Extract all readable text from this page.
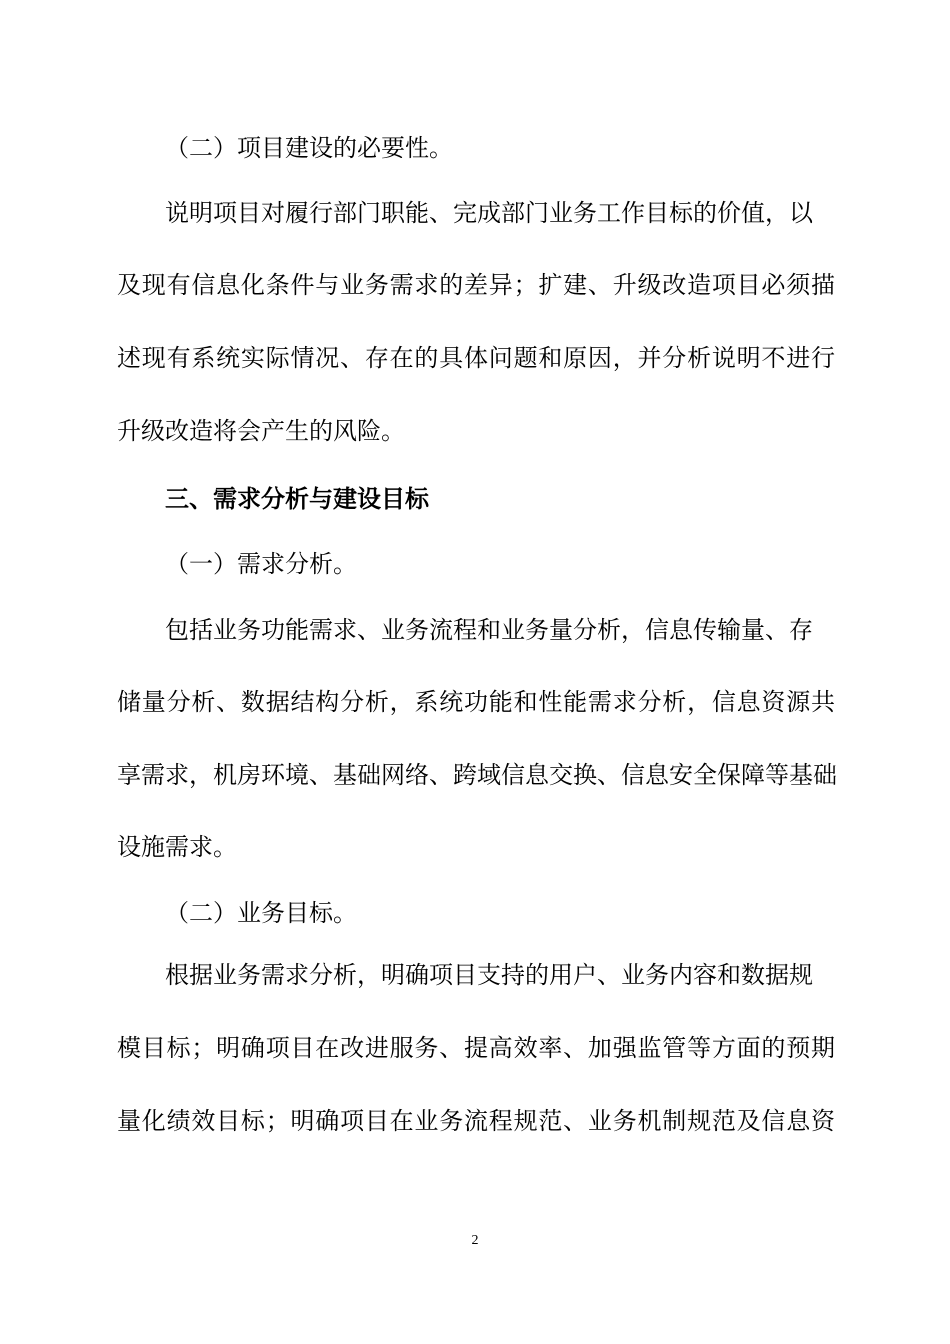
（二）项目建设的必要性。
说明项目对履行部门职能、完成部门业务工作目标的价值，以
及现有信息化条件与业务需求的差异；扩建、升级改造项目必须描
述现有系统实际情况、存在的具体问题和原因，并分析说明不进行
升级改造将会产生的风险。
三、需求分析与建设目标
（一）需求分析。
包括业务功能需求、业务流程和业务量分析，信息传输量、存
储量分析、数据结构分析，系统功能和性能需求分析，信息资源共
享需求，机房环境、基础网络、跨域信息交换、信息安全保障等基础
设施需求。
（二）业务目标。
根据业务需求分析，明确项目支持的用户、业务内容和数据规
模目标；明确项目在改进服务、提高效率、加强监管等方面的预期
量化绩效目标；明确项目在业务流程规范、业务机制规范及信息资
2
